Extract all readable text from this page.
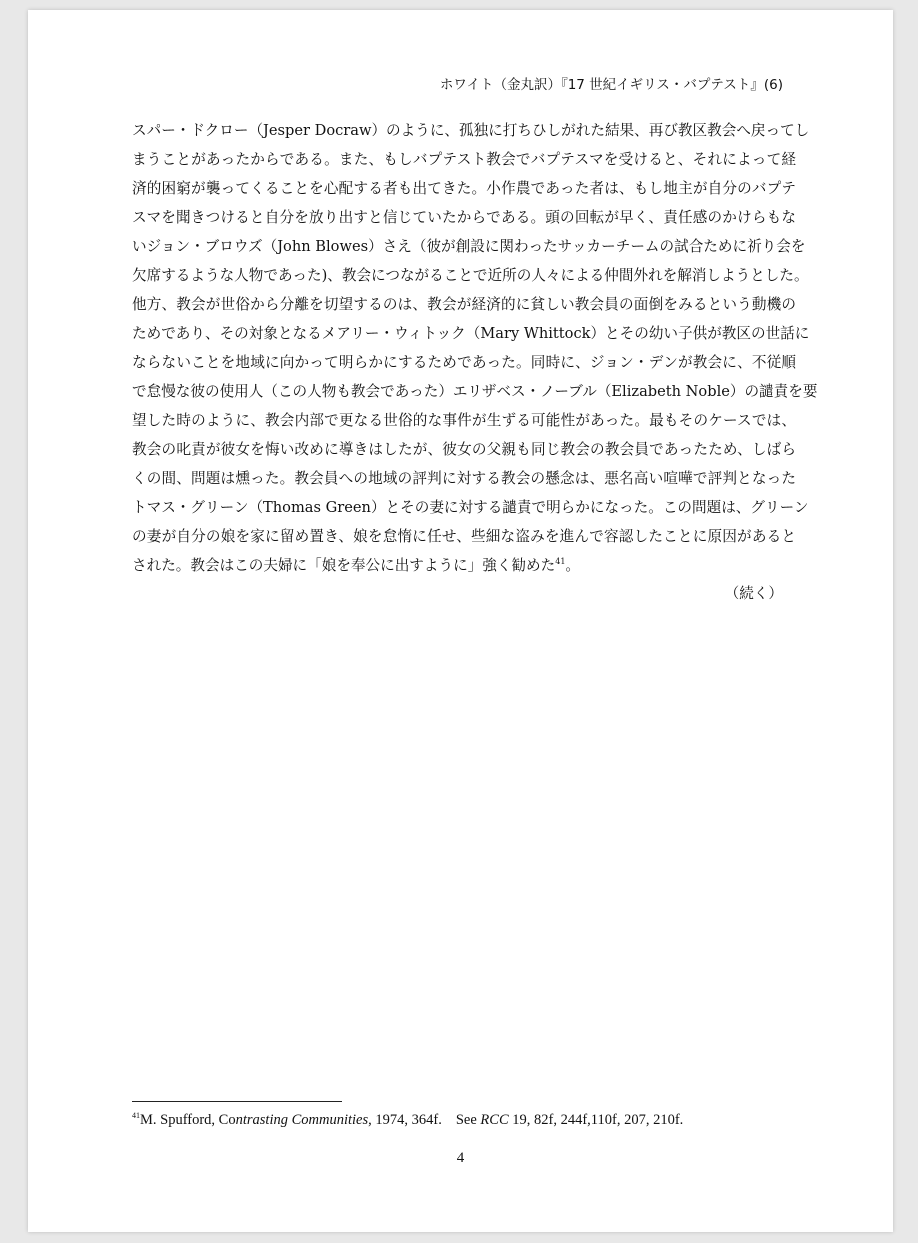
ホワイト（金丸訳）『17 世紀イギリス・バプテスト』(6)
スパー・ドクロー（Jesper Docraw）のように、孤独に打ちひしがれた結果、再び教区教会へ戻ってし
まうことがあったからである。また、もしバプテスト教会でバプテスマを受けると、それによって経
済的困窮が襲ってくることを心配する者も出てきた。小作農であった者は、もし地主が自分のバプテ
スマを聞きつけると自分を放り出すと信じていたからである。頭の回転が早く、責任感のかけらもな
いジョン・ブロウズ（John Blowes）さえ（彼が創設に関わったサッカーチームの試合ために祈り会を
欠席するような人物であった)、教会につながることで近所の人々による仲間外れを解消しようとした。
他方、教会が世俗から分離を切望するのは、教会が経済的に貧しい教会員の面倒をみるという動機の
ためであり、その対象となるメアリー・ウィトック（Mary Whittock）とその幼い子供が教区の世話に
ならないことを地域に向かって明らかにするためであった。同時に、ジョン・デンが教会に、不従順
で怠慢な彼の使用人（この人物も教会であった）エリザベス・ノーブル（Elizabeth Noble）の譴責を要
望した時のように、教会内部で更なる世俗的な事件が生ずる可能性があった。最もそのケースでは、
教会の叱責が彼女を悔い改めに導きはしたが、彼女の父親も同じ教会の教会員であったため、しばら
くの間、問題は燻った。教会員への地域の評判に対する教会の懸念は、悪名高い喧嘩で評判となった
トマス・グリーン（Thomas Green）とその妻に対する譴責で明らかになった。この問題は、グリーン
の妻が自分の娘を家に留め置き、娘を怠惰に任せ、些細な盗みを進んで容認したことに原因があると
された。教会はこの夫婦に「娘を奉公に出すように」強く勧めた$^{41}$。
（続く）
$^{41}$M. Spufford, Contrasting Communities, 1974, 364f. See RCC 19, 82f, 244f,110f, 207, 210f.
4
